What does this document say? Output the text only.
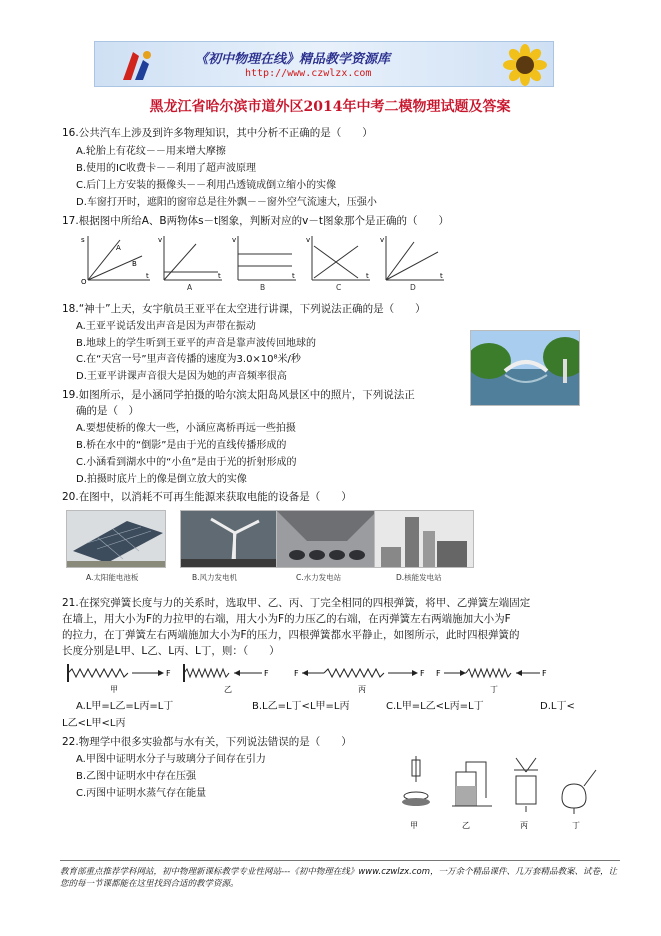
《初中物理在线》精品教学资源库
http://www.czwlzx.com
黑龙江省哈尔滨市道外区2014年中考二模物理试题及答案
16.公共汽车上涉及到许多物理知识，其中分析不正确的是（　　）
A.轮胎上有花纹－－用来增大摩擦
B.使用的IC收费卡－－利用了超声波原理
C.后门上方安装的摄像头－－利用凸透镜成倒立缩小的实像
D.车窗打开时，遮阳的窗帘总是往外飘－－窗外空气流速大，压强小
17.根据图中所给A、B两物体s－t图象，判断对应的v－t图象那个是正确的（　　）
s
t
O
A
B
v
t
v
t
v
t
v
t
A	B	C	D
18.“神十”上天，女宇航员王亚平在太空进行讲课，下列说法正确的是（　　）
A.王亚平说话发出声音是因为声带在振动
B.地球上的学生听到王亚平的声音是靠声波传回地球的
C.在“天宫一号”里声音传播的速度为3.0×10⁸米/秒
D.王亚平讲课声音很大是因为她的声音频率很高
19.如图所示，是小涵同学拍摄的哈尔滨太阳岛风景区中的照片，下列说法正
确的是（　）
A.要想使桥的像大一些，小涵应离桥再远一些拍摄
B.桥在水中的“倒影”是由于光的直线传播形成的
C.小涵看到湖水中的“小鱼”是由于光的折射形成的
D.拍摄时底片上的像是倒立放大的实像
20.在图中，以消耗不可再生能源来获取电能的设备是（　　）
A.太阳能电池板	B.风力发电机	C.水力发电站	D.核能发电站
21.在探究弹簧长度与力的关系时，选取甲、乙、丙、丁完全相同的四根弹簧，将甲、乙弹簧左端固定
在墙上，用大小为F的力拉甲的右端，用大小为F的力压乙的右端，在丙弹簧左右两端施加大小为F
的拉力，在丁弹簧左右两端施加大小为F的压力，四根弹簧都水平静止，如图所示，此时四根弹簧的
长度分别是L甲、L乙、L丙、L丁，则：（　　）
F
甲
F
乙
F	F
丙
F	F
丁
A.L甲=L乙=L丙=L丁	B.L乙=L丁<L甲=L丙	C.L甲=L乙<L丙=L丁	D.L丁<
L乙<L甲<L丙
22.物理学中很多实验都与水有关，下列说法错误的是（　　）
A.甲图中证明水分子与玻璃分子间存在引力
B.乙图中证明水中存在压强
C.丙图中证明水蒸气存在能量
甲	乙	丙	丁
教育部重点推荐学科网站，初中物理新课标教学专业性网站---《初中物理在线》www.czwlzx.com，一万余个精品课件、几万套精品教案、试卷，让您的每一节课都能在这里找到合适的教学资源。
